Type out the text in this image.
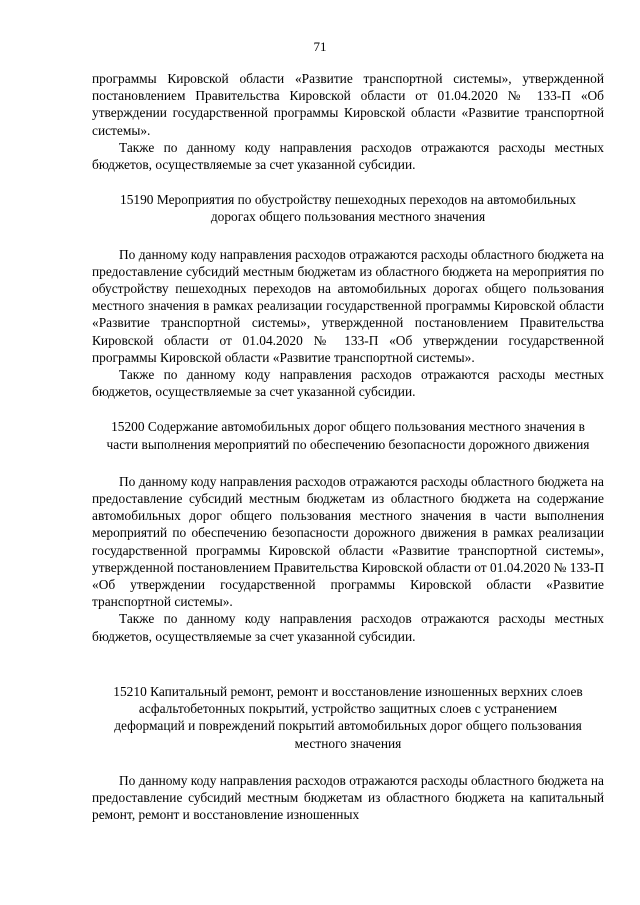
71

программы Кировской области «Развитие транспортной системы», утвержденной постановлением Правительства Кировской области от 01.04.2020 № 133-П «Об утверждении государственной программы Кировской области «Развитие транспортной системы».

Также по данному коду направления расходов отражаются расходы местных бюджетов, осуществляемые за счет указанной субсидии.

15190 Мероприятия по обустройству пешеходных переходов на автомобильных дорогах общего пользования местного значения

По данному коду направления расходов отражаются расходы областного бюджета на предоставление субсидий местным бюджетам из областного бюджета на мероприятия по обустройству пешеходных переходов на автомобильных дорогах общего пользования местного значения в рамках реализации государственной программы Кировской области «Развитие транспортной системы», утвержденной постановлением Правительства Кировской области от 01.04.2020 № 133-П «Об утверждении государственной программы Кировской области «Развитие транспортной системы».

Также по данному коду направления расходов отражаются расходы местных бюджетов, осуществляемые за счет указанной субсидии.

15200 Содержание автомобильных дорог общего пользования местного значения в части выполнения мероприятий по обеспечению безопасности дорожного движения

По данному коду направления расходов отражаются расходы областного бюджета на предоставление субсидий местным бюджетам из областного бюджета на содержание автомобильных дорог общего пользования местного значения в части выполнения мероприятий по обеспечению безопасности дорожного движения в рамках реализации государственной программы Кировской области «Развитие транспортной системы», утвержденной постановлением Правительства Кировской области от 01.04.2020 № 133-П «Об утверждении государственной программы Кировской области «Развитие транспортной системы».

Также по данному коду направления расходов отражаются расходы местных бюджетов, осуществляемые за счет указанной субсидии.

15210 Капитальный ремонт, ремонт и восстановление изношенных верхних слоев асфальтобетонных покрытий, устройство защитных слоев с устранением деформаций и повреждений покрытий автомобильных дорог общего пользования местного значения

По данному коду направления расходов отражаются расходы областного бюджета на предоставление субсидий местным бюджетам из областного бюджета на капитальный ремонт, ремонт и восстановление изношенных
